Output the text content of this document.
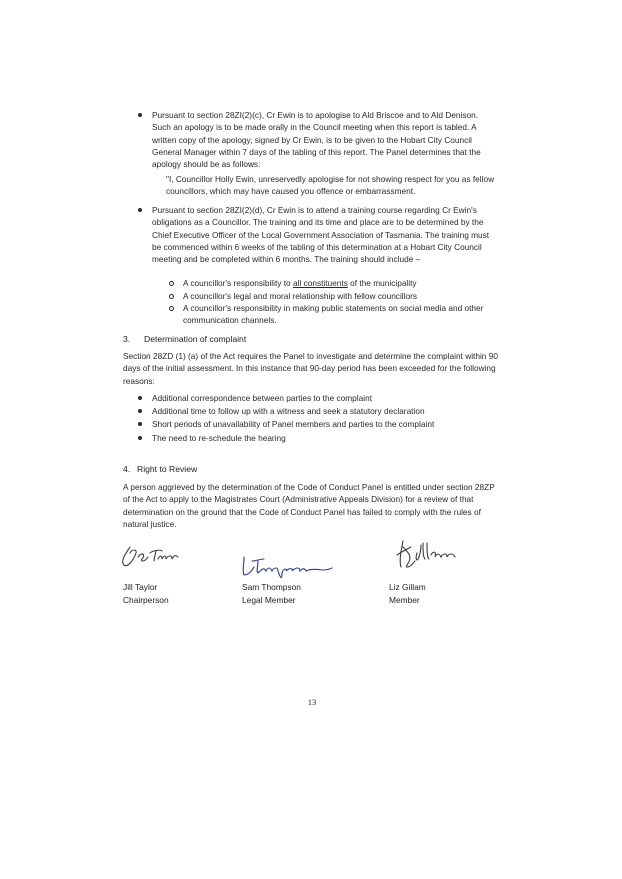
Pursuant to section 28ZI(2)(c), Cr Ewin is to apologise to Ald Briscoe and to Ald Denison. Such an apology is to be made orally in the Council meeting when this report is tabled. A written copy of the apology, signed by Cr Ewin, is to be given to the Hobart City Council General Manager within 7 days of the tabling of this report. The Panel determines that the apology should be as follows:
"I, Councillor Holly Ewin, unreservedly apologise for not showing respect for you as fellow councillors, which may have caused you offence or embarrassment.
Pursuant to section 28ZI(2)(d), Cr Ewin is to attend a training course regarding Cr Ewin's obligations as a Councillor. The training and its time and place are to be determined by the Chief Executive Officer of the Local Government Association of Tasmania. The training must be commenced within 6 weeks of the tabling of this determination at a Hobart City Council meeting and be completed within 6 months. The training should include –
A councillor's responsibility to all constituents of the municipality
A councillor's legal and moral relationship with fellow councillors
A councillor's responsibility in making public statements on social media and other communication channels.
3. Determination of complaint
Section 28ZD (1) (a) of the Act requires the Panel to investigate and determine the complaint within 90 days of the initial assessment. In this instance that 90-day period has been exceeded for the following reasons:
Additional correspondence between parties to the complaint
Additional time to follow up with a witness and seek a statutory declaration
Short periods of unavailability of Panel members and parties to the complaint
The need to re-schedule the hearing
4. Right to Review
A person aggrieved by the determination of the Code of Conduct Panel is entitled under section 28ZP of the Act to apply to the Magistrates Court (Administrative Appeals Division) for a review of that determination on the ground that the Code of Conduct Panel has failed to comply with the rules of natural justice.
Jill Taylor
Chairperson
Sam Thompson
Legal Member
Liz Gillam
Member
13
